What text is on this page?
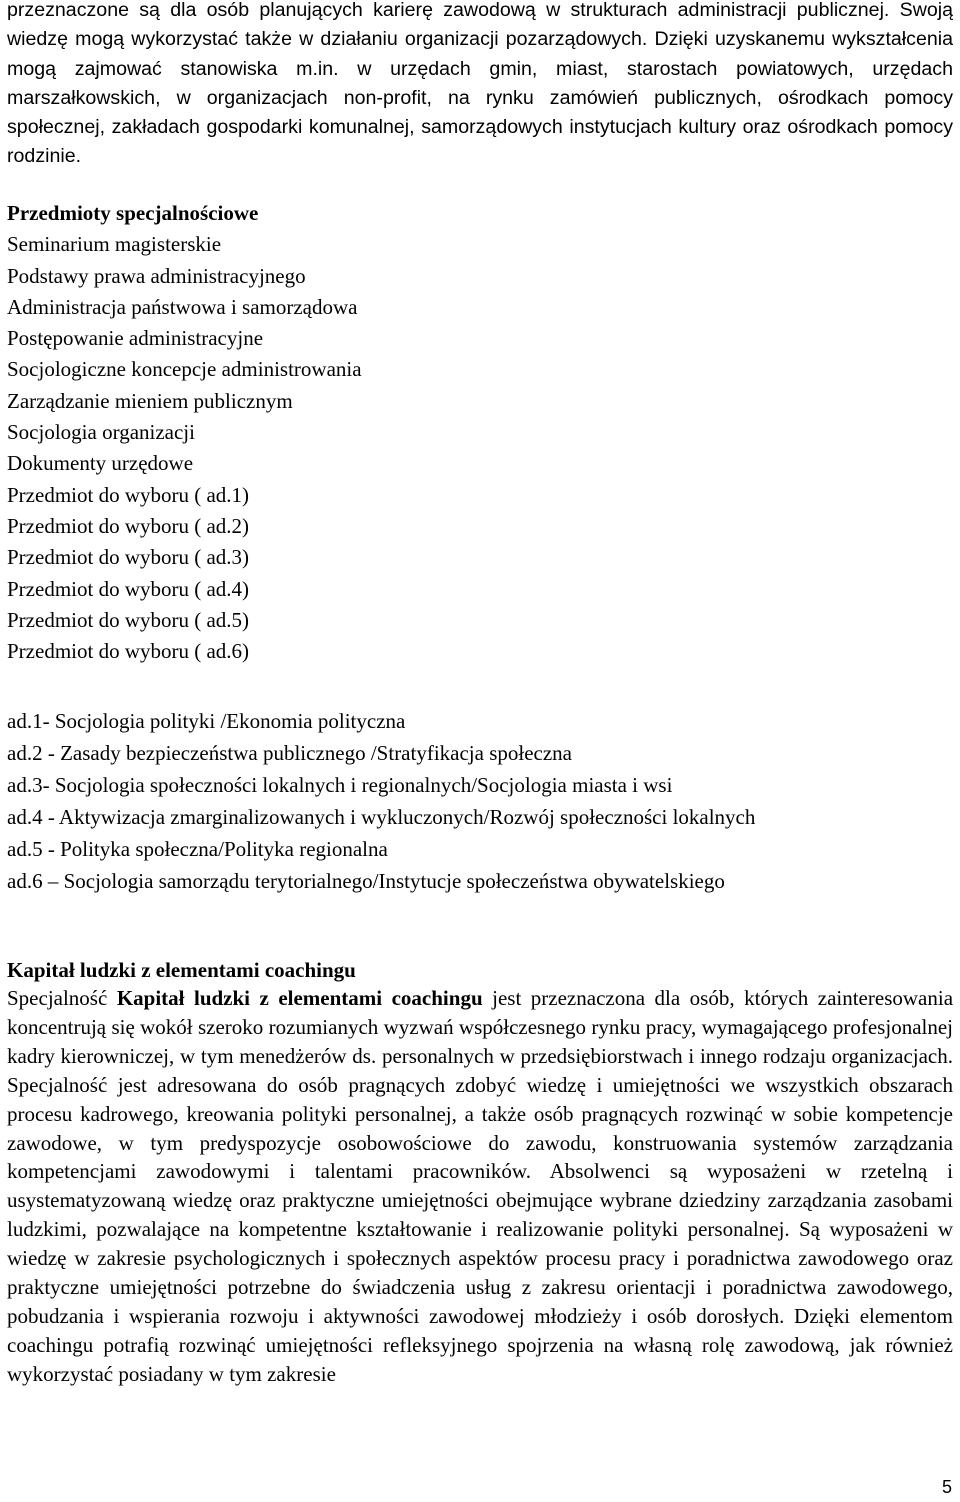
przeznaczone są dla osób planujących karierę zawodową w strukturach administracji publicznej. Swoją wiedzę mogą wykorzystać także w działaniu organizacji pozarządowych. Dzięki uzyskanemu wykształcenia mogą zajmować stanowiska m.in. w urzędach gmin, miast, starostach powiatowych, urzędach marszałkowskich, w organizacjach non-profit, na rynku zamówień publicznych, ośrodkach pomocy społecznej, zakładach gospodarki komunalnej, samorządowych instytucjach kultury oraz ośrodkach pomocy rodzinie.

Przedmioty specjalnościowe
Seminarium magisterskie
Podstawy prawa administracyjnego
Administracja państwowa i samorządowa
Postępowanie administracyjne
Socjologiczne koncepcje administrowania
Zarządzanie mieniem publicznym
Socjologia organizacji
Dokumenty urzędowe
Przedmiot do wyboru ( ad.1)
Przedmiot do wyboru ( ad.2)
Przedmiot do wyboru ( ad.3)
Przedmiot do wyboru ( ad.4)
Przedmiot do wyboru ( ad.5)
Przedmiot do wyboru ( ad.6)
ad.1- Socjologia polityki /Ekonomia polityczna
ad.2 - Zasady bezpieczeństwa publicznego /Stratyfikacja społeczna
ad.3- Socjologia społeczności lokalnych i regionalnych/Socjologia miasta i wsi
ad.4 - Aktywizacja zmarginalizowanych i wykluczonych/Rozwój społeczności lokalnych
ad.5 - Polityka społeczna/Polityka regionalna
ad.6 – Socjologia samorządu terytorialnego/Instytucje społeczeństwa obywatelskiego
Kapitał ludzki z elementami coachingu

Specjalność Kapitał ludzki z elementami coachingu jest przeznaczona dla osób, których zainteresowania koncentrują się wokół szeroko rozumianych wyzwań współczesnego rynku pracy, wymagającego profesjonalnej kadry kierowniczej, w tym menedżerów ds. personalnych w przedsiębiorstwach i innego rodzaju organizacjach. Specjalność jest adresowana do osób pragnących zdobyć wiedzę i umiejętności we wszystkich obszarach procesu kadrowego, kreowania polityki personalnej, a także osób pragnących rozwinąć w sobie kompetencje zawodowe, w tym predyspozycje osobowościowe do zawodu, konstruowania systemów zarządzania kompetencjami zawodowymi i talentami pracowników. Absolwenci są wyposażeni w rzetelną i usystematyzowaną wiedzę oraz praktyczne umiejętności obejmujące wybrane dziedziny zarządzania zasobami ludzkimi, pozwalające na kompetentne kształtowanie i realizowanie polityki personalnej. Są wyposażeni w wiedzę w zakresie psychologicznych i społecznych aspektów procesu pracy i poradnictwa zawodowego oraz praktyczne umiejętności potrzebne do świadczenia usług z zakresu orientacji i poradnictwa zawodowego, pobudzania i wspierania rozwoju i aktywności zawodowej młodzieży i osób dorosłych. Dzięki elementom coachingu potrafią rozwinąć umiejętności refleksyjnego spojrzenia na własną rolę zawodową, jak również wykorzystać posiadany w tym zakresie

5
